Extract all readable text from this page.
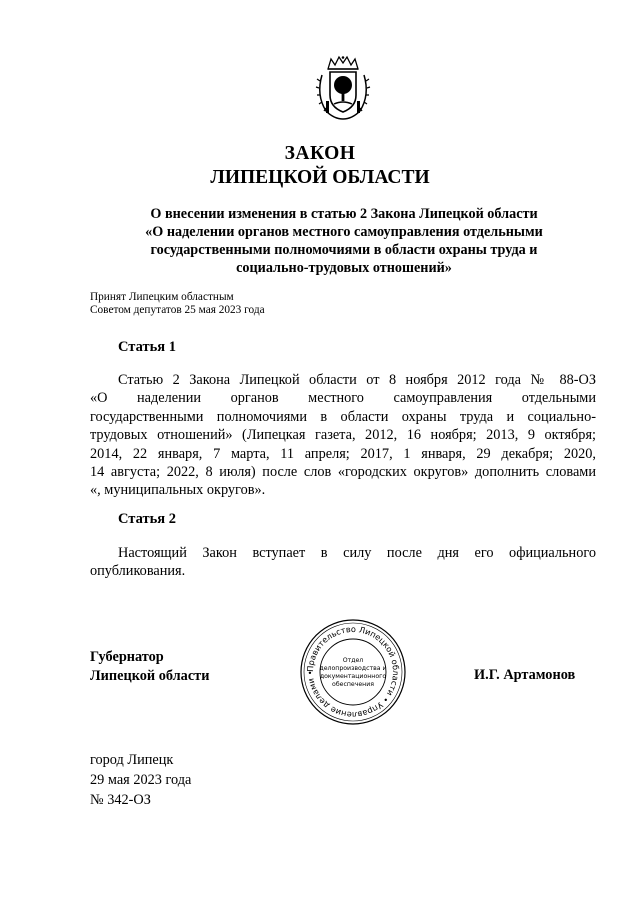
ЗАКОН
ЛИПЕЦКОЙ ОБЛАСТИ
О внесении изменения в статью 2 Закона Липецкой области
«О наделении органов местного самоуправления отдельными
государственными полномочиями в области охраны труда и
социально-трудовых отношений»
Принят Липецким областным
Советом депутатов 25 мая 2023 года
Статья 1
Статью 2 Закона Липецкой области от 8 ноября 2012 года № 88-ОЗ
«О наделении органов местного самоуправления отдельными
государственными полномочиями в области охраны труда и социально-
трудовых отношений» (Липецкая газета, 2012, 16 ноября; 2013, 9 октября;
2014, 22 января, 7 марта, 11 апреля; 2017, 1 января, 29 декабря; 2020,
14 августа; 2022, 8 июля) после слов «городских округов» дополнить словами
«, муниципальных округов».
Статья 2
Настоящий Закон вступает в силу после дня его официального
опубликования.
Губернатор
Липецкой области	Правительство Липецкой области • Управление делами •
Отдел
делопроизводства и
документационного
обеспечения
И.Г. Артамонов
город Липецк
29 мая 2023 года
№ 342-ОЗ
